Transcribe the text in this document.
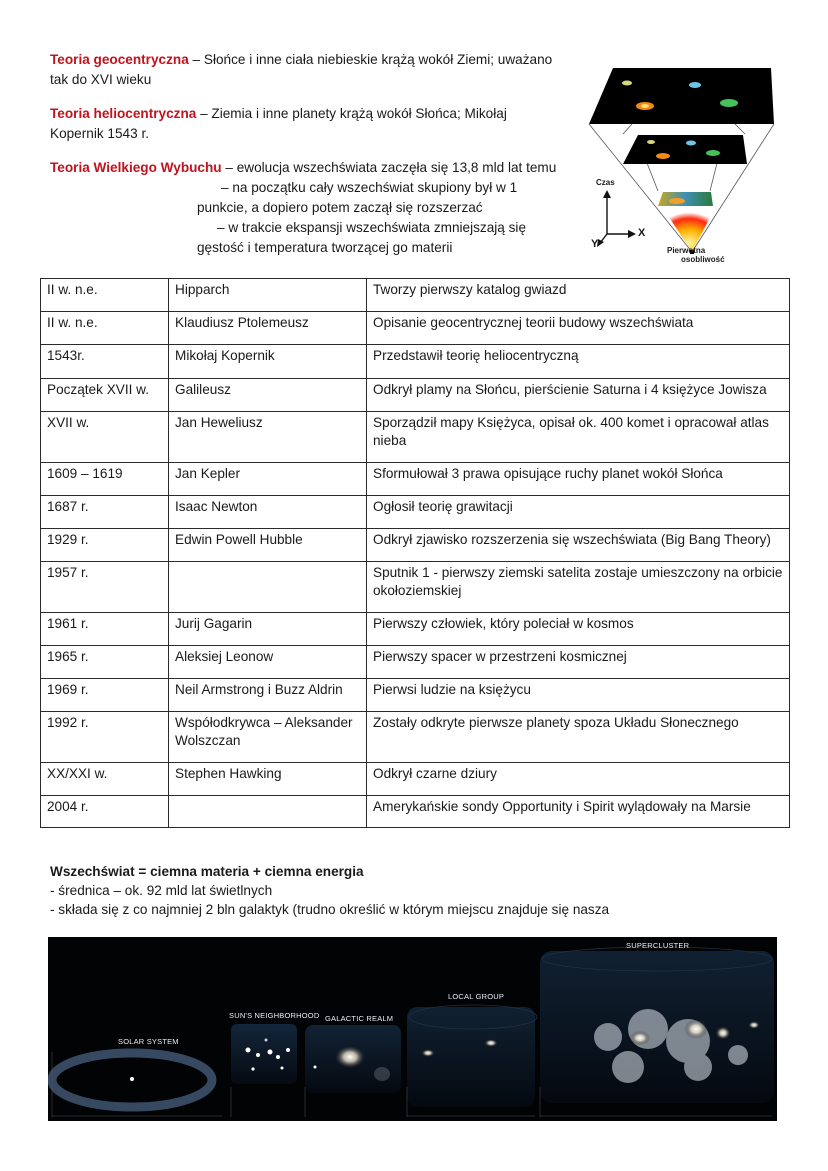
Teoria geocentryczna – Słońce i inne ciała niebieskie krążą wokół Ziemi; uważano
tak do XVI wieku
Teoria heliocentryczna – Ziemia i inne planety krążą wokół Słońca; Mikołaj
Kopernik 1543 r.
Teoria Wielkiego Wybuchu – ewolucja wszechświata zaczęła się 13,8 mld lat temu
– na początku cały wszechświat skupiony był w 1
punkcie, a dopiero potem zaczął się rozszerzać
– w trakcie ekspansji wszechświata zmniejszają się
gęstość i temperatura tworzącej go materii
Czas
X
Y
Pierwotna
osobliwość
II w. n.e.	Hipparch	Tworzy pierwszy katalog gwiazd
II w. n.e.	Klaudiusz Ptolemeusz	Opisanie geocentrycznej teorii budowy wszechświata
1543r.	Mikołaj Kopernik	Przedstawił teorię heliocentryczną
Początek XVII w.	Galileusz	Odkrył plamy na Słońcu, pierścienie Saturna i 4 księżyce Jowisza
XVII w.	Jan Heweliusz	Sporządził mapy Księżyca, opisał ok. 400 komet i opracował atlas nieba
1609 – 1619	Jan Kepler	Sformułował 3 prawa opisujące ruchy planet wokół Słońca
1687 r.	Isaac Newton	Ogłosił teorię grawitacji
1929 r.	Edwin Powell Hubble	Odkrył zjawisko rozszerzenia się wszechświata (Big Bang Theory)
1957 r.		Sputnik 1 - pierwszy ziemski satelita zostaje umieszczony na orbicie okołoziemskiej
1961 r.	Jurij Gagarin	Pierwszy człowiek, który poleciał w kosmos
1965 r.	Aleksiej Leonow	Pierwszy spacer w przestrzeni kosmicznej
1969 r.	Neil Armstrong i Buzz Aldrin	Pierwsi ludzie na księżycu
1992 r.	Współodkrywca – Aleksander Wolszczan	Zostały odkryte pierwsze planety spoza Układu Słonecznego
XX/XXI w.	Stephen Hawking	Odkrył czarne dziury
2004 r.		Amerykańskie sondy Opportunity i Spirit wylądowały na Marsie
Wszechświat = ciemna materia + ciemna energia
- średnica – ok. 92 mld lat świetlnych
- składa się z co najmniej 2 bln galaktyk (trudno określić w którym miejscu znajduje się nasza
SOLAR SYSTEM
SUN'S NEIGHBORHOOD GALACTIC REALM
LOCAL GROUP
SUPERCLUSTER
